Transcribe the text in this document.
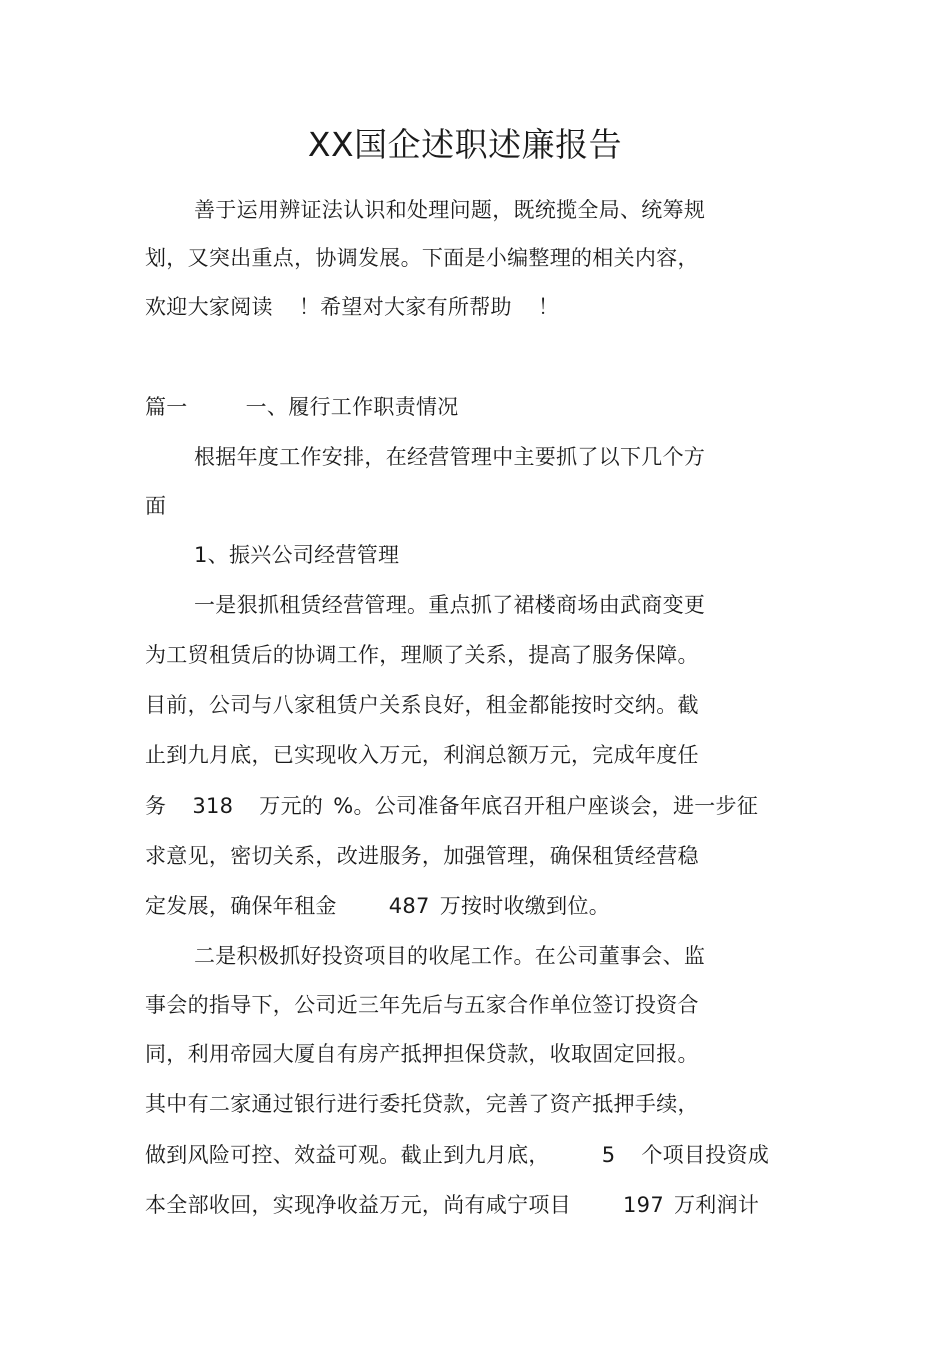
XX国企述职述廉报告
善于运用辨证法认识和处理问题，既统揽全局、统筹规
划，又突出重点，协调发展。下面是小编整理的相关内容，
欢迎大家阅读 ！希望对大家有所帮助 ！
篇一	一、履行工作职责情况
根据年度工作安排，在经营管理中主要抓了以下几个方
面
1、振兴公司经营管理
一是狠抓租赁经营管理。重点抓了裙楼商场由武商变更
为工贸租赁后的协调工作，理顺了关系，提高了服务保障。
目前，公司与八家租赁户关系良好，租金都能按时交纳。截
止到九月底，已实现收入万元，利润总额万元，完成年度任
务 318 万元的 %。公司准备年底召开租户座谈会，进一步征
求意见，密切关系，改进服务，加强管理，确保租赁经营稳
定发展，确保年租金 487 万按时收缴到位。
二是积极抓好投资项目的收尾工作。在公司董事会、监
事会的指导下，公司近三年先后与五家合作单位签订投资合
同，利用帝园大厦自有房产抵押担保贷款，收取固定回报。
其中有二家通过银行进行委托贷款，完善了资产抵押手续，
做到风险可控、效益可观。截止到九月底， 5 个项目投资成
本全部收回，实现净收益万元，尚有咸宁项目 197 万利润计
